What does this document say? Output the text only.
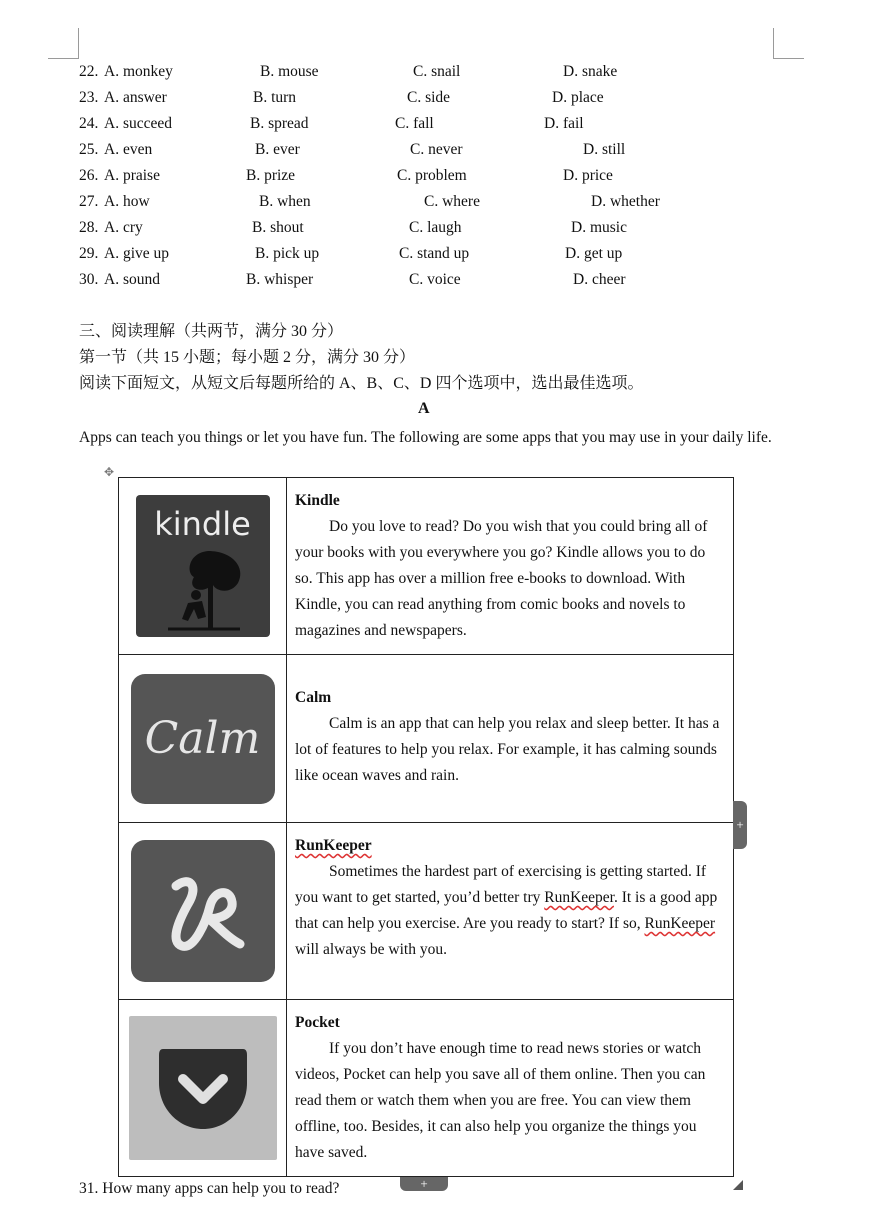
22. A. monkey	B. mouse	C. snail	D. snake
23. A. answer	B. turn	C. side	D. place
24. A. succeed	B. spread	C. fall	D. fail
25. A. even	B. ever	C. never	D. still
26. A. praise	B. prize	C. problem	D. price
27. A. how	B. when	C. where	D. whether
28. A. cry	B. shout	C. laugh	D. music
29. A. give up	B. pick up	C. stand up	D. get up
30. A. sound	B. whisper	C. voice	D. cheer
三、阅读理解（共两节，满分 30 分）
第一节（共 15 小题；每小题 2 分，满分 30 分）
阅读下面短文，从短文后每题所给的 A、B、C、D 四个选项中，选出最佳选项。
A
Apps can teach you things or let you have fun. The following are some apps that you may use in your daily life.
✥
kindle
Kindle
Do you love to read? Do you wish that you could bring all of your books with you everywhere you go? Kindle allows you to do so. This app has over a million free e-books to download. With Kindle, you can read anything from comic books and novels to magazines and newspapers.
Calm
Calm
Calm is an app that can help you relax and sleep better. It has a lot of features to help you relax. For example, it has calming sounds like ocean waves and rain.
RunKeeper
Sometimes the hardest part of exercising is getting started. If you want to get started, you’d better try RunKeeper. It is a good app that can help you exercise. Are you ready to start? If so, RunKeeper will always be with you.
Pocket
If you don’t have enough time to read news stories or watch videos, Pocket can help you save all of them online. Then you can read them or watch them when you are free. You can view them offline, too. Besides, it can also help you organize the things you have saved.
+
+
31. How many apps can help you to read?
